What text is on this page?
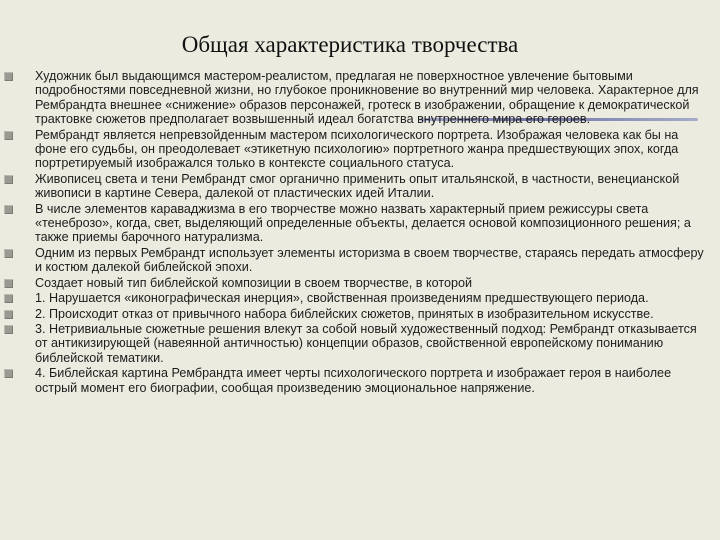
Общая характеристика творчества
Художник был выдающимся мастером-реалистом, предлагая не поверхностное увлечение бытовыми подробностями повседневной жизни, но глубокое проникновение во внутренний мир человека. Характерное для Рембрандта внешнее «снижение» образов персонажей, гротеск в изображении, обращение к демократической трактовке сюжетов предполагает возвышенный идеал богатства внутреннего мира его героев.
Рембрандт является непревзойденным мастером психологического портрета. Изображая человека как бы на фоне его судьбы, он преодолевает «этикетную психологию» портретного жанра предшествующих эпох, когда портретируемый изображался только в контексте социального статуса.
Живописец света и тени Рембрандт смог органично применить опыт итальянской, в частности, венецианской живописи в картине Севера, далекой от пластических идей Италии.
В числе элементов караваджизма в его творчестве можно назвать характерный прием режиссуры света «тенеброзо», когда, свет, выделяющий определенные объекты, делается основой композиционного решения; а также приемы барочного натурализма.
Одним из первых Рембрандт использует элементы историзма в своем творчестве, стараясь передать атмосферу и костюм далекой библейской эпохи.
Создает новый тип библейской композиции в своем творчестве, в которой
1. Нарушается «иконографическая инерция», свойственная произведениям предшествующего периода.
2. Происходит отказ от привычного набора библейских сюжетов, принятых в изобразительном искусстве.
3. Нетривиальные сюжетные решения влекут за собой новый художественный подход: Рембрандт отказывается от антикизирующей (навеянной античностью) концепции образов, свойственной европейскому пониманию библейской тематики.
4. Библейская картина Рембрандта имеет черты психологического портрета и изображает героя в наиболее острый момент его биографии, сообщая произведению эмоциональное напряжение.
